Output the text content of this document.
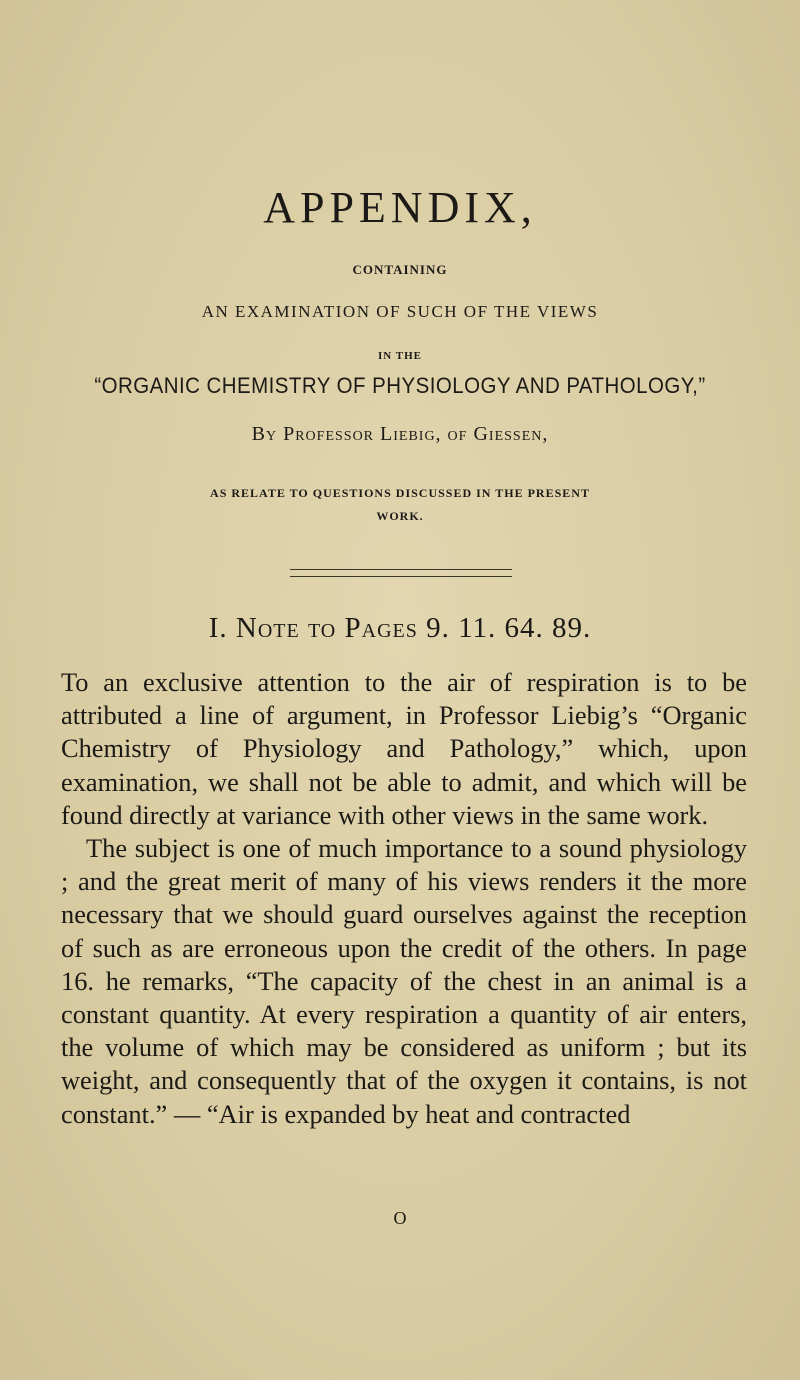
APPENDIX,
CONTAINING
AN EXAMINATION OF SUCH OF THE VIEWS
IN THE
“ORGANIC CHEMISTRY OF PHYSIOLOGY AND PATHOLOGY,”
By Professor Liebig, of Giessen,
AS RELATE TO QUESTIONS DISCUSSED IN THE PRESENT
WORK.
I. Note to Pages 9. 11. 64. 89.

To an exclusive attention to the air of respiration is to be attributed a line of argument, in Professor Liebig’s “Organic Chemistry of Physiology and Pathology,” which, upon examination, we shall not be able to admit, and which will be found directly at variance with other views in the same work.

The subject is one of much importance to a sound physiology ; and the great merit of many of his views renders it the more necessary that we should guard ourselves against the reception of such as are erroneous upon the credit of the others. In page 16. he remarks, “The capacity of the chest in an animal is a constant quantity. At every respiration a quantity of air enters, the volume of which may be considered as uniform ; but its weight, and consequently that of the oxygen it contains, is not constant.” — “Air is expanded by heat and contracted

O
